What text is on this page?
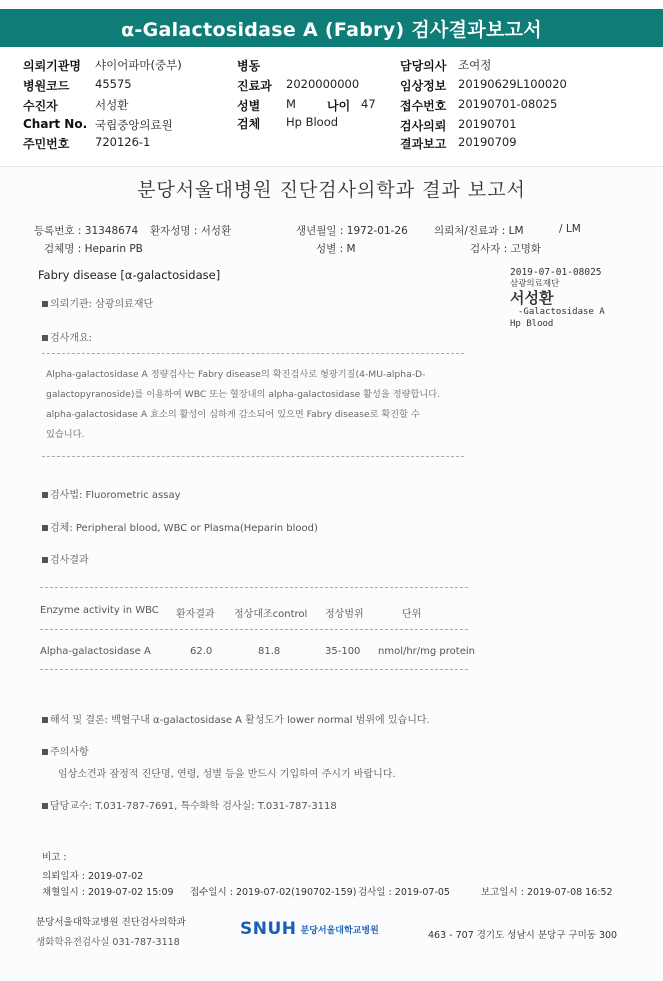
α-Galactosidase A (Fabry) 검사결과보고서
의뢰기관명 샤이어파마(중부)
병원코드 45575
수진자	서성환
Chart No. 국립중앙의료원
주민번호 720126-1
병동
진료과 2020000000
성별 M	나이 47
검체 Hp Blood
담당의사 조여정
임상정보 20190629L100020
접수번호 20190701-08025
검사의뢰 20190701
결과보고 20190709
분당서울대병원 진단검사의학과 결과 보고서
등록번호 : 31348674 환자성명 : 서성환	생년월일 : 1972-01-26 의뢰처/진료과 : LM	/ LM
검체명 : Heparin PB	성별 : M	검사자 : 고명화
Fabry disease [α-galactosidase]	2019-07-01-08025
삼광의료재단
서성환
-Galactosidase A
Hp Blood
의뢰기관: 삼광의료재단
검사개요:
Alpha-galactosidase A 정량검사는 Fabry disease의 확진검사로 형광기질(4-MU-alpha-D-
galactopyranoside)를 이용하여 WBC 또는 혈장내의 alpha-galactosidase 활성을 정량합니다.
alpha-galactosidase A 효소의 활성이 심하게 감소되어 있으면 Fabry disease로 확진할 수
있습니다.
검사법: Fluorometric assay
검체: Peripheral blood, WBC or Plasma(Heparin blood)
검사결과
Enzyme activity in WBC 환자결과 정상대조control 정상범위	단위
Alpha-galactosidase A	62.0	81.8	35-100 nmol/hr/mg protein
해석 및 결론: 백혈구내 α-galactosidase A 활성도가 lower normal 범위에 있습니다.
주의사항
임상소견과 잠정적 진단명, 연령, 성별 등을 반드시 기입하여 주시기 바랍니다.
담당교수: T.031-787-7691, 특수화학 검사실: T.031-787-3118
비고 :
의뢰일자 : 2019-07-02
채혈일시 : 2019-07-02 15:09 접수일시 : 2019-07-02(190702-159) 검사일 : 2019-07-05	보고일시 : 2019-07-08 16:52
분당서울대학교병원 진단검사의학과
생화학유전검사실 031-787-3118
SNUH 분당서울대학교병원	463 - 707 경기도 성남시 분당구 구미동 300
